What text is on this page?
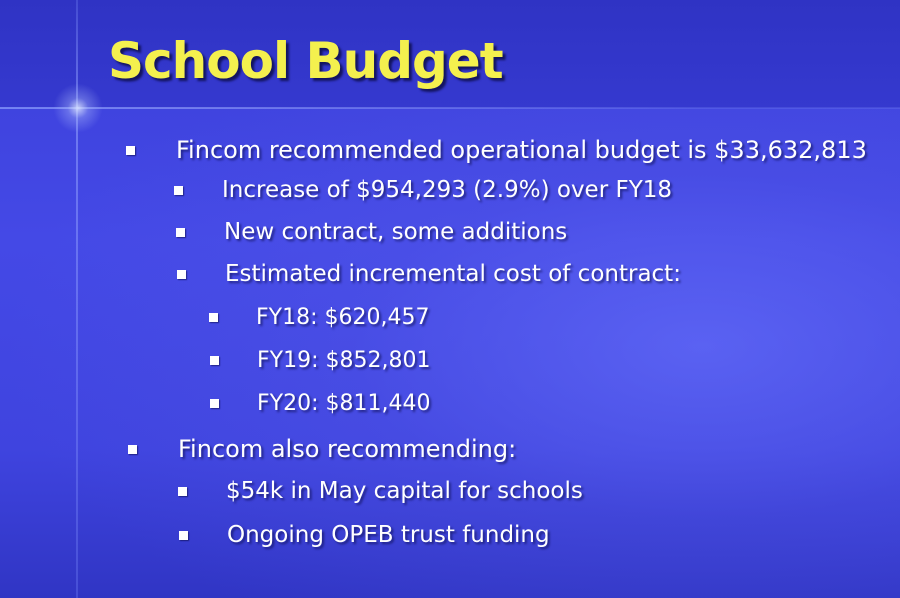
School Budget
Fincom recommended operational budget is $33,632,813
Increase of $954,293 (2.9%) over FY18
New contract, some additions
Estimated incremental cost of contract:
FY18: $620,457
FY19: $852,801
FY20: $811,440
Fincom also recommending:
$54k in May capital for schools
Ongoing OPEB trust funding
